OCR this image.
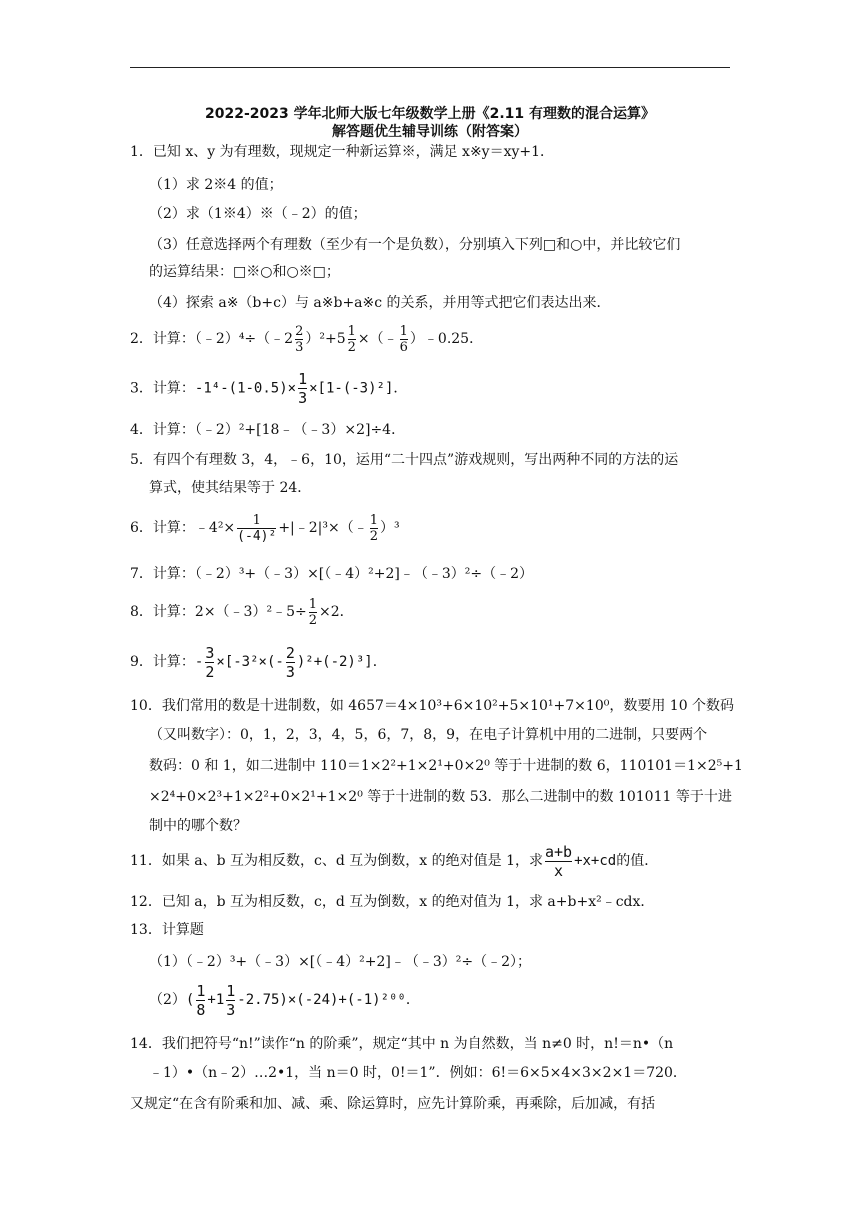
2022-2023 学年北师大版七年级数学上册《2.11 有理数的混合运算》
解答题优生辅导训练（附答案）
1．已知 x、y 为有理数，现规定一种新运算※，满足 x※y＝xy+1．
（1）求 2※4 的值；
（2）求（1※4）※（﹣2）的值；
（3）任意选择两个有理数（至少有一个是负数），分别填入下列□和○中，并比较它们
的运算结果：□※○和○※□；
（4）探索 a※（b+c）与 a※b+a※c 的关系，并用等式把它们表达出来．
2．计算：（﹣2）⁴÷（﹣2 $\frac{2}{3} )^2+5 \frac{1}{2}$ ×（﹣ $\frac{1}{6}$ ）﹣0.25．
3．计算：$-1^4-(1-0.5)\times \frac{1}{3} \times[1-(-3)^2]$．
4．计算：（﹣2）²+[18﹣（﹣3）×2]÷4．
5．有四个有理数 3，4，﹣6，10，运用“二十四点”游戏规则，写出两种不同的方法的运
算式，使其结果等于 24．
6．计算：﹣4²× $\frac{1}{\text{(-4)²}}$ +|﹣2|³×（﹣ $\frac{1}{2} )^3$
7．计算：（﹣2）³+（﹣3）×[（﹣4）²+2]﹣（﹣3）²÷（﹣2）
8．计算：2×（﹣3）²﹣5÷ $\frac{1}{2} \times 2$．
9．计算：- $\frac{3}{2} \times[-3^2\times(- \frac{2}{3} )^2+(-2)^3]$．
10．我们常用的数是十进制数，如 4657＝4×10³+6×10²+5×10¹+7×10⁰，数要用 10 个数码
（又叫数字）：0，1，2，3，4，5，6，7，8，9，在电子计算机中用的二进制，只要两个
数码：0 和 1，如二进制中 110＝1×2²+1×2¹+0×2⁰ 等于十进制的数 6，110101＝1×2⁵+1
×2⁴+0×2³+1×2²+0×2¹+1×2⁰ 等于十进制的数 53．那么二进制中的数 101011 等于十进
制中的哪个数？
11．如果 a、b 互为相反数，c、d 互为倒数，x 的绝对值是 1，求 $\frac{a+b}{x} +x+cd$的值．
12．已知 a，b 互为相反数，c，d 互为倒数，x 的绝对值为 1，求 a+b+x²﹣cdx．
13．计算题
（1）（﹣2）³+（﹣3）×[（﹣4）²+2]﹣（﹣3）²÷（﹣2）；
$(2)( \frac{1}{8} +1 \frac{1}{3} -2.75)\times(-24)+(-1)^{200}$．
14．我们把符号“n!”读作“n 的阶乘”，规定“其中 n 为自然数，当 n≠0 时，n!＝n•（n
﹣1）•（n﹣2）…2•1，当 n＝0 时，0!＝1”．例如：6!＝6×5×4×3×2×1＝720．
又规定“在含有阶乘和加、减、乘、除运算时，应先计算阶乘，再乘除，后加减，有括
